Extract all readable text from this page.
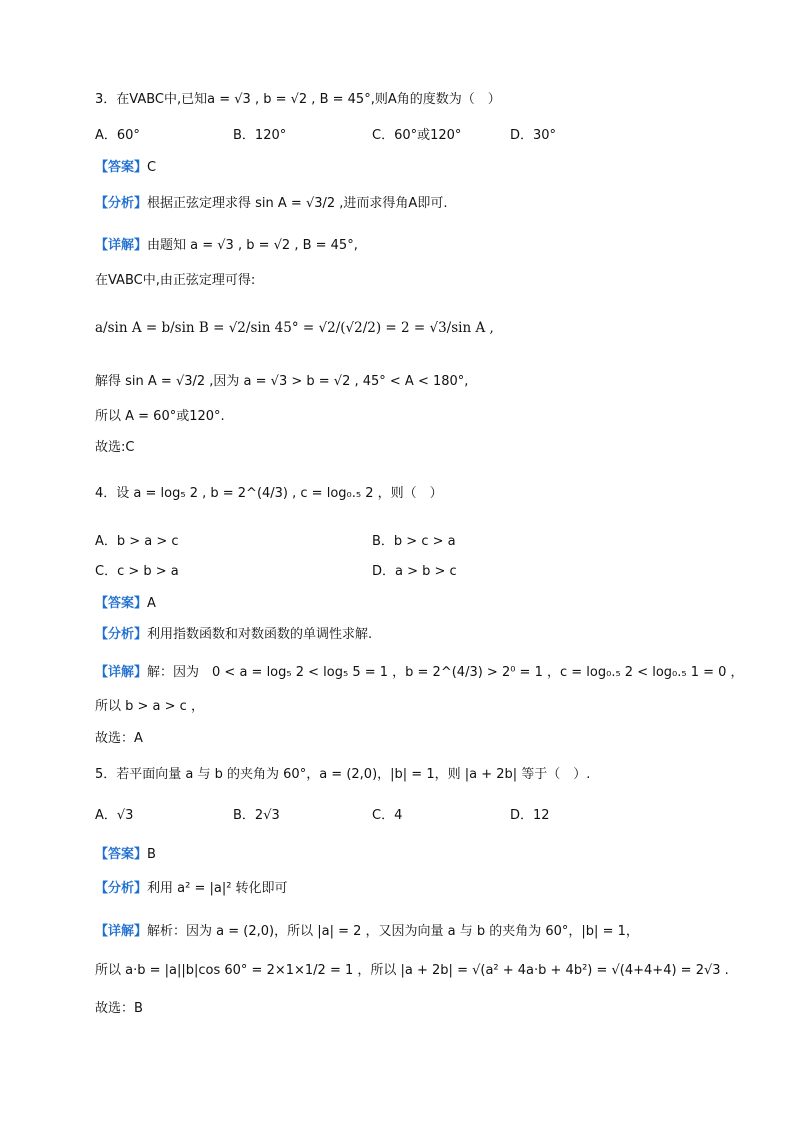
3．在VABC中,已知a = √3 , b = √2 , B = 45°,则A角的度数为（　）
A．60°	B．120°	C．60°或120°	D．30°
【答案】C
【分析】根据正弦定理求得 sin A = √3/2 ,进而求得角A即可.
【详解】由题知 a = √3 , b = √2 , B = 45°,
在VABC中,由正弦定理可得:
a/sin A = b/sin B = √2/sin 45° = √2/(√2/2) = 2 = √3/sin A ,
解得 sin A = √3/2 ,因为 a = √3 > b = √2 , 45° < A < 180°,
所以 A = 60°或120°.
故选:C
4．设 a = log₅ 2 , b = 2^(4/3) , c = log₀.₅ 2 ，则（　）
A．b > a > c	B．b > c > a
C．c > b > a	D．a > b > c
【答案】A
【分析】利用指数函数和对数函数的单调性求解.
【详解】解：因为　0 < a = log₅ 2 < log₅ 5 = 1 ，b = 2^(4/3) > 2⁰ = 1 ，c = log₀.₅ 2 < log₀.₅ 1 = 0 ，
所以 b > a > c ，
故选：A
5．若平面向量 a 与 b 的夹角为 60°，a = (2,0)，|b| = 1，则 |a + 2b| 等于（　）.
A．√3	B．2√3	C．4	D．12
【答案】B
【分析】利用 a² = |a|² 转化即可
【详解】解析：因为 a = (2,0)，所以 |a| = 2 ，又因为向量 a 与 b 的夹角为 60°，|b| = 1，
所以 a·b = |a||b|cos 60° = 2×1×1/2 = 1 ，所以 |a + 2b| = √(a² + 4a·b + 4b²) = √(4+4+4) = 2√3 .
故选：B
